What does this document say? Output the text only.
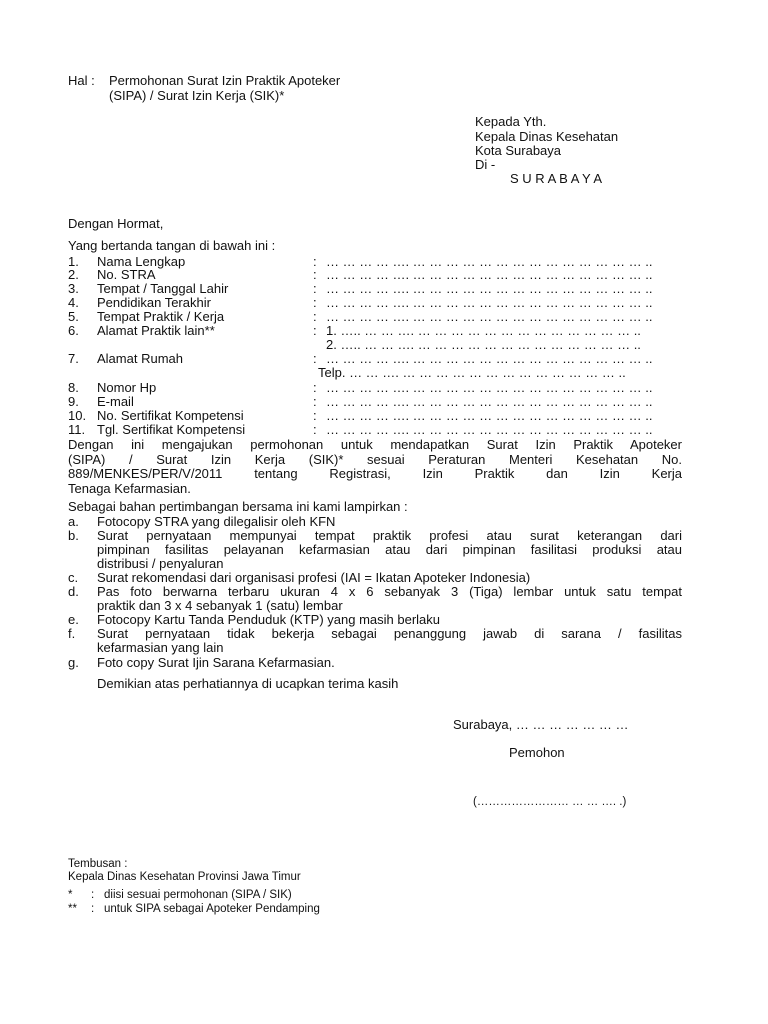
Hal : Permohonan Surat Izin Praktik Apoteker
(SIPA) / Surat Izin Kerja (SIK)*
Kepada Yth.
Kepala Dinas Kesehatan
Kota Surabaya
Di -
S U R A B A Y A
Dengan Hormat,
Yang bertanda tangan di bawah ini :
1. Nama Lengkap	: … … … … …. … … … … … … … … … … … … … … ..
2. No. STRA	: … … … … …. … … … … … … … … … … … … … … ..
3. Tempat / Tanggal Lahir	: … … … … …. … … … … … … … … … … … … … … ..
4. Pendidikan Terakhir	: … … … … …. … … … … … … … … … … … … … … ..
5. Tempat Praktik / Kerja	: … … … … …. … … … … … … … … … … … … … … ..
6. Alamat Praktik lain**	: 1. ….. … … …. … … … … … … … … … … … … … ..
2. ….. … … …. … … … … … … … … … … … … … ..
7. Alamat Rumah	: … … … … …. … … … … … … … … … … … … … … ..
Telp. … … …. … … … … … … … … … … … … … ..
8. Nomor Hp	: … … … … …. … … … … … … … … … … … … … … ..
9. E-mail	: … … … … …. … … … … … … … … … … … … … … ..
10. No. Sertifikat Kompetensi	: … … … … …. … … … … … … … … … … … … … … ..
11. Tgl. Sertifikat Kompetensi	: … … … … …. … … … … … … … … … … … … … … ..
Dengan ini mengajukan permohonan untuk mendapatkan Surat Izin Praktik Apoteker
(SIPA) / Surat Izin Kerja (SIK)* sesuai Peraturan Menteri Kesehatan No.
889/MENKES/PER/V/2011 tentang Registrasi, Izin Praktik dan Izin Kerja
Tenaga Kefarmasian.
Sebagai bahan pertimbangan bersama ini kami lampirkan :
a. Fotocopy STRA yang dilegalisir oleh KFN
b. Surat pernyataan mempunyai tempat praktik profesi atau surat keterangan dari
pimpinan fasilitas pelayanan kefarmasian atau dari pimpinan fasilitasi produksi atau
distribusi / penyaluran
c. Surat rekomendasi dari organisasi profesi (IAI = Ikatan Apoteker Indonesia)
d. Pas foto berwarna terbaru ukuran 4 x 6 sebanyak 3 (Tiga) lembar untuk satu tempat
praktik dan 3 x 4 sebanyak 1 (satu) lembar
e. Fotocopy Kartu Tanda Penduduk (KTP) yang masih berlaku
f. Surat pernyataan tidak bekerja sebagai penanggung jawab di sarana / fasilitas
kefarmasian yang lain
g. Foto copy Surat Ijin Sarana Kefarmasian.
Demikian atas perhatiannya di ucapkan terima kasih
Surabaya, … … … … … … …
Pemohon
(…………………… … … …. .)
Tembusan :
Kepala Dinas Kesehatan Provinsi Jawa Timur
* : diisi sesuai permohonan (SIPA / SIK)
** : untuk SIPA sebagai Apoteker Pendamping
